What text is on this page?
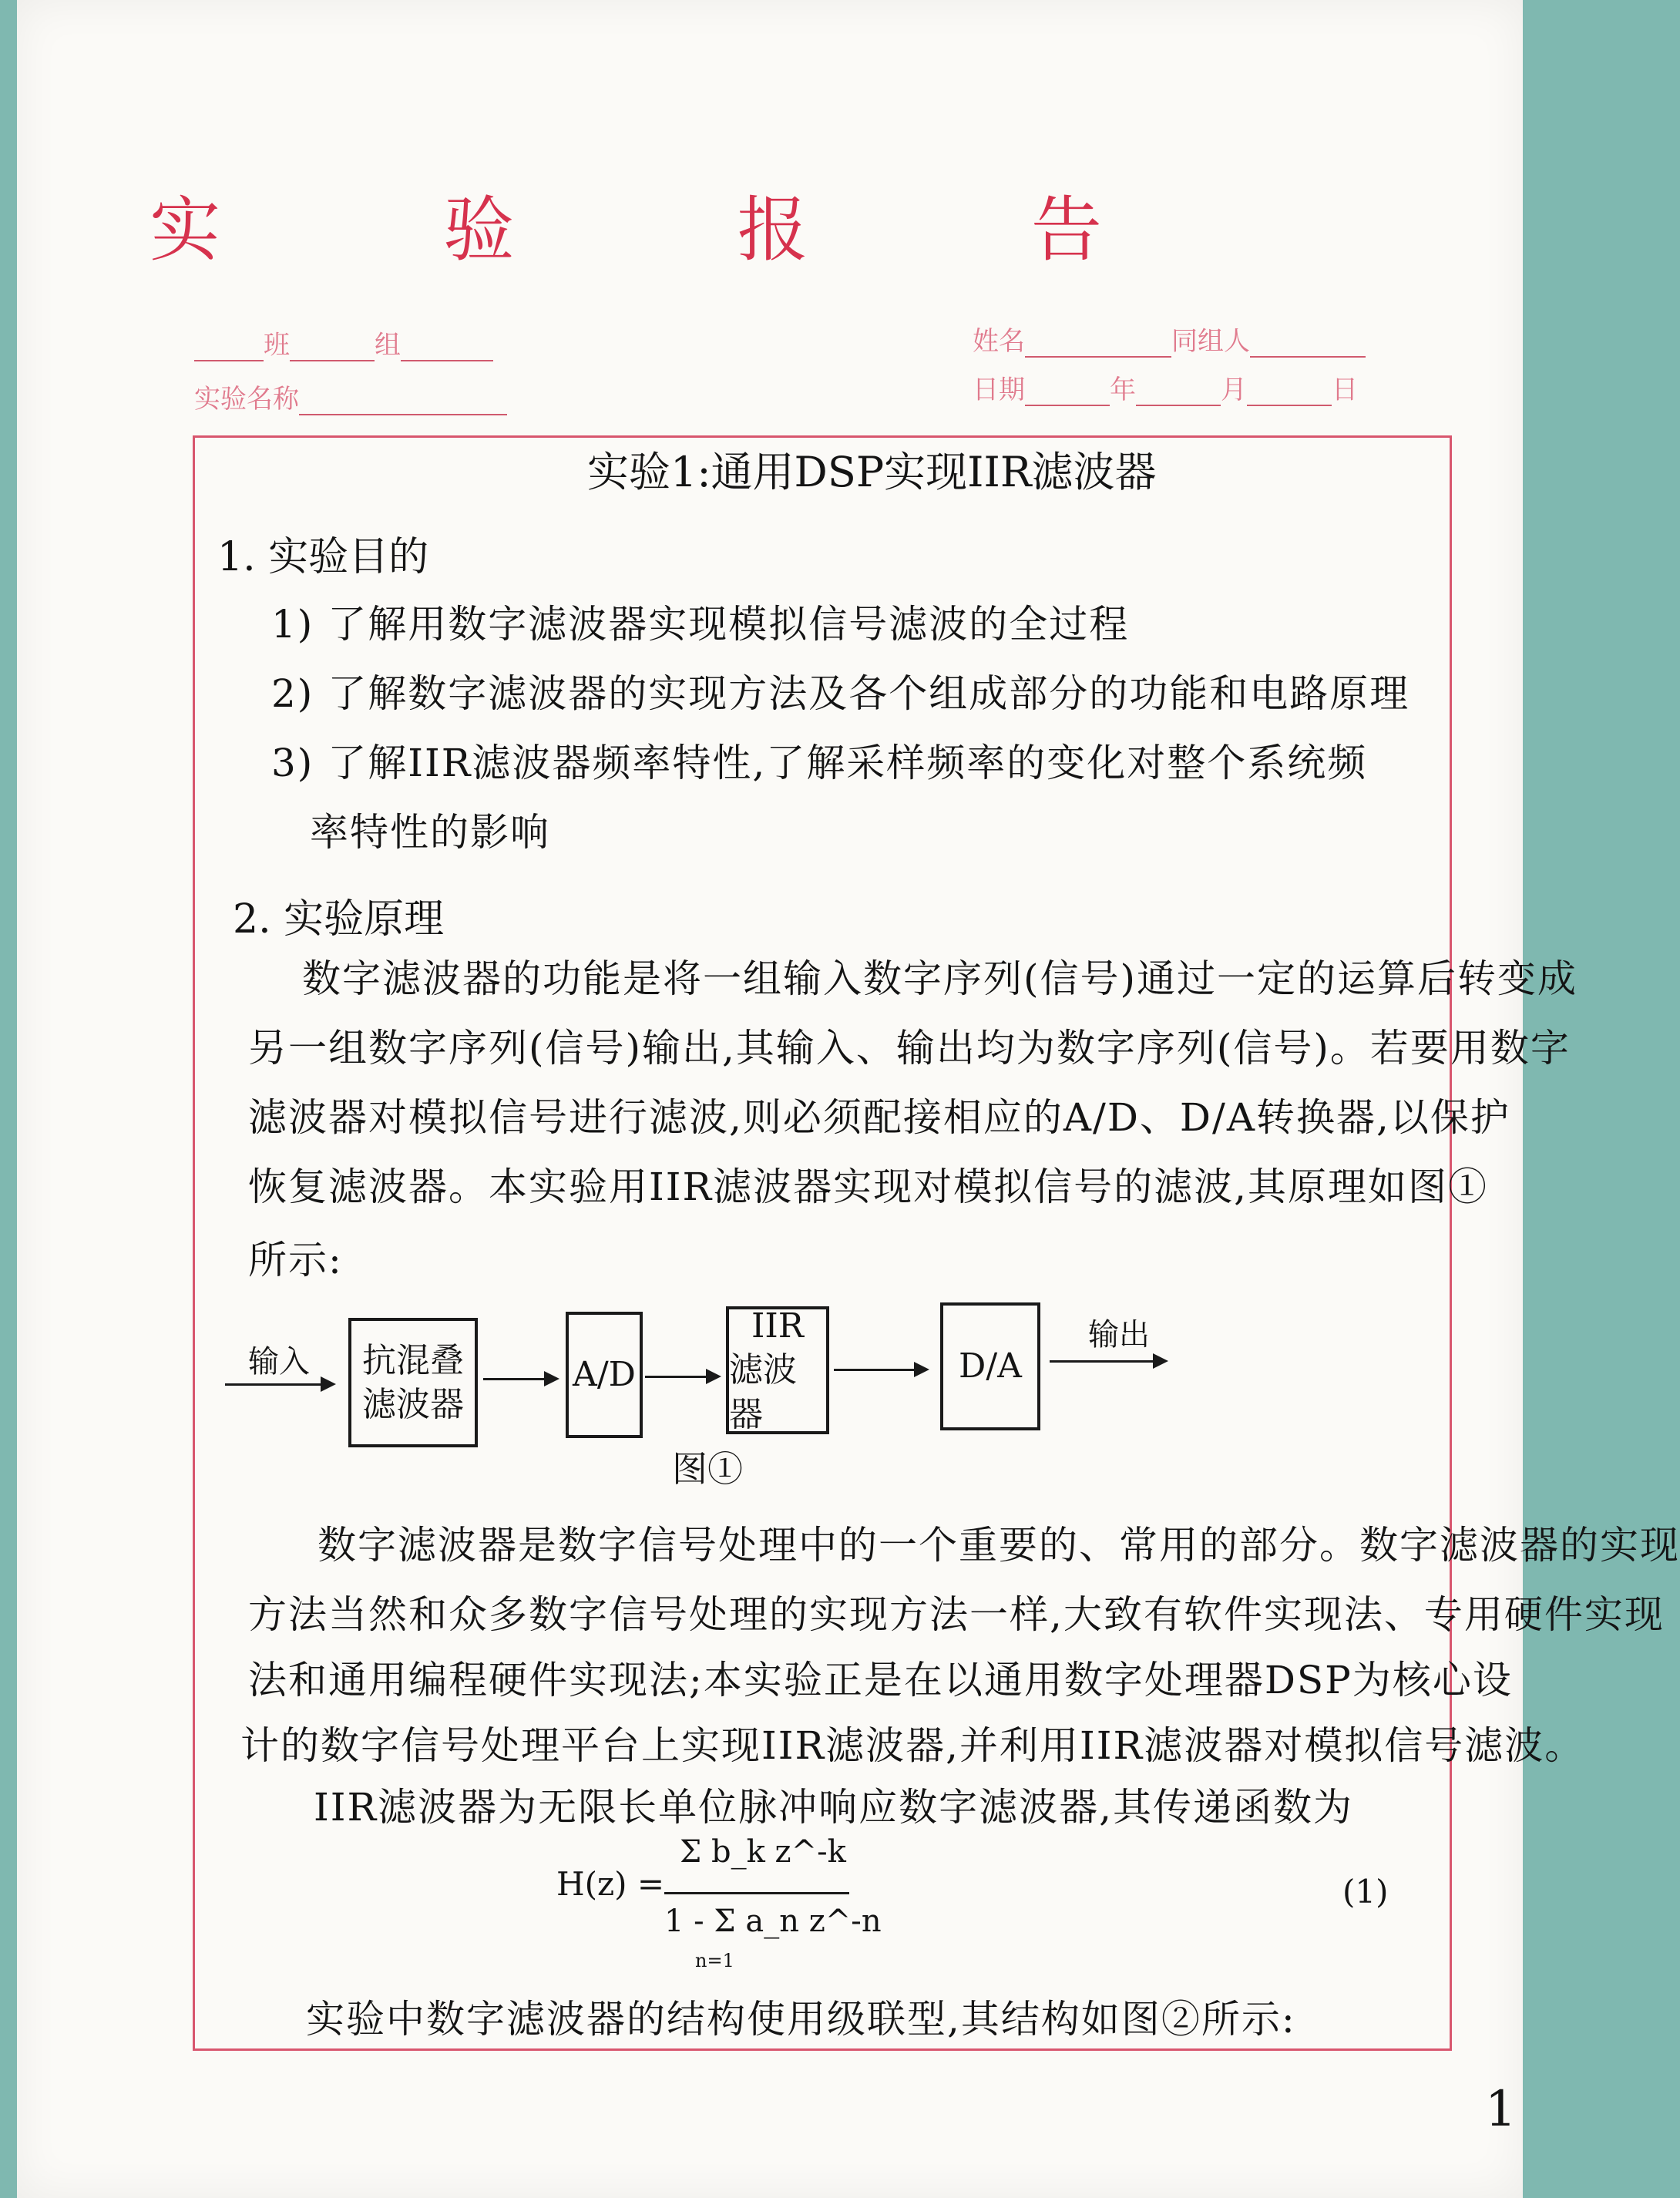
实 验 报 告
班	组
实验名称
姓名	同组人
日期	年	月	日
实验1:通用DSP实现IIR滤波器
1. 实验目的
1) 了解用数字滤波器实现模拟信号滤波的全过程
2) 了解数字滤波器的实现方法及各个组成部分的功能和电路原理
3) 了解IIR滤波器频率特性,了解采样频率的变化对整个系统频
率特性的影响
2. 实验原理
数字滤波器的功能是将一组输入数字序列(信号)通过一定的运算后转变成
另一组数字序列(信号)输出,其输入、输出均为数字序列(信号)。若要用数字
滤波器对模拟信号进行滤波,则必须配接相应的A/D、D/A转换器,以保护
恢复滤波器。本实验用IIR滤波器实现对模拟信号的滤波,其原理如图①
所示:
输入 抗混叠
滤波器
A/D
IIR
滤波器
D/A
输出
图①
数字滤波器是数字信号处理中的一个重要的、常用的部分。数字滤波器的实现
方法当然和众多数字信号处理的实现方法一样,大致有软件实现法、专用硬件实现
法和通用编程硬件实现法;本实验正是在以通用数字处理器DSP为核心设
计的数字信号处理平台上实现IIR滤波器,并利用IIR滤波器对模拟信号滤波。
IIR滤波器为无限长单位脉冲响应数字滤波器,其传递函数为
H(z) =
Σ b_k z^-k
1 - Σ a_n z^-n
n=1
(1)
实验中数字滤波器的结构使用级联型,其结构如图②所示:
1
